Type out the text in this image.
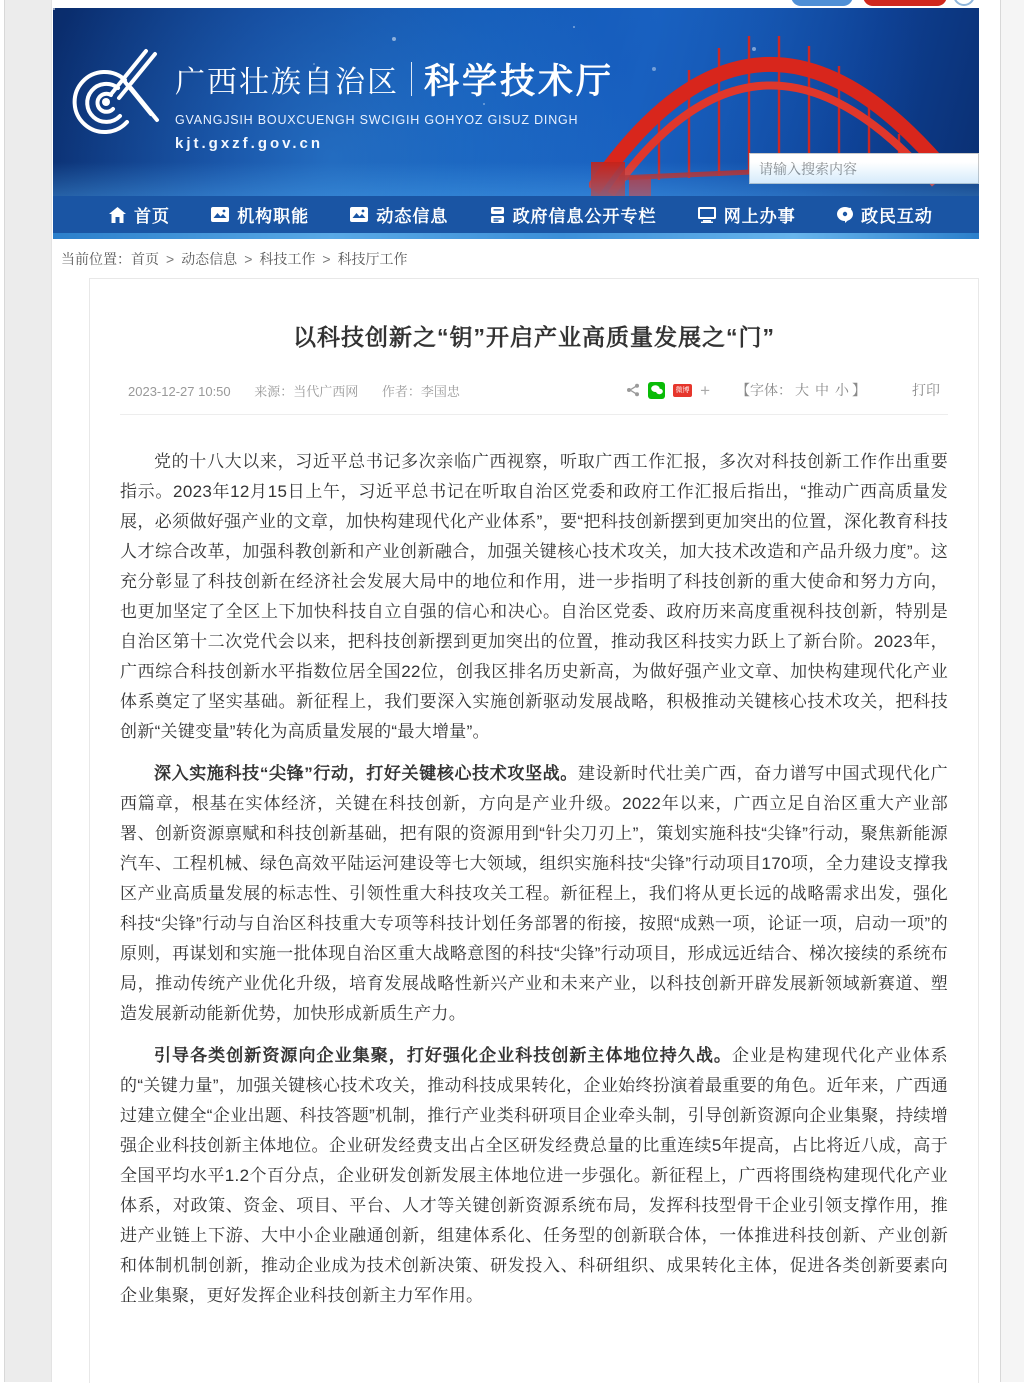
广西壮族自治区 科学技术厅
GVANGJSIH BOUXCUENGH SWCIGIH GOHYOZ GISUZ DINGH
kjt.gxzf.gov.cn
请输入搜索内容
首页	机构职能	动态信息	政府信息公开专栏	网上办事	政民互动
当前位置： 首页 > 动态信息 > 科技工作 > 科技厅工作
以科技创新之“钥”开启产业高质量发展之“门”
2023-12-27 10:50 来源：当代广西网 作者：李国忠	微博 + 【字体： 大 中 小 】	打印

党的十八大以来，习近平总书记多次亲临广西视察，听取广西工作汇报，多次对科技创新工作作出重要指示。2023年12月15日上午，习近平总书记在听取自治区党委和政府工作汇报后指出，“推动广西高质量发展，必须做好强产业的文章，加快构建现代化产业体系”，要“把科技创新摆到更加突出的位置，深化教育科技人才综合改革，加强科教创新和产业创新融合，加强关键核心技术攻关，加大技术改造和产品升级力度”。这充分彰显了科技创新在经济社会发展大局中的地位和作用，进一步指明了科技创新的重大使命和努力方向，也更加坚定了全区上下加快科技自立自强的信心和决心。自治区党委、政府历来高度重视科技创新，特别是自治区第十二次党代会以来，把科技创新摆到更加突出的位置，推动我区科技实力跃上了新台阶。2023年，广西综合科技创新水平指数位居全国22位，创我区排名历史新高，为做好强产业文章、加快构建现代化产业体系奠定了坚实基础。新征程上，我们要深入实施创新驱动发展战略，积极推动关键核心技术攻关，把科技创新“关键变量”转化为高质量发展的“最大增量”。

深入实施科技“尖锋”行动，打好关键核心技术攻坚战。建设新时代壮美广西，奋力谱写中国式现代化广西篇章，根基在实体经济，关键在科技创新，方向是产业升级。2022年以来，广西立足自治区重大产业部署、创新资源禀赋和科技创新基础，把有限的资源用到“针尖刀刃上”，策划实施科技“尖锋”行动，聚焦新能源汽车、工程机械、绿色高效平陆运河建设等七大领域，组织实施科技“尖锋”行动项目170项，全力建设支撑我区产业高质量发展的标志性、引领性重大科技攻关工程。新征程上，我们将从更长远的战略需求出发，强化科技“尖锋”行动与自治区科技重大专项等科技计划任务部署的衔接，按照“成熟一项，论证一项，启动一项”的原则，再谋划和实施一批体现自治区重大战略意图的科技“尖锋”行动项目，形成远近结合、梯次接续的系统布局，推动传统产业优化升级，培育发展战略性新兴产业和未来产业，以科技创新开辟发展新领域新赛道、塑造发展新动能新优势，加快形成新质生产力。

引导各类创新资源向企业集聚，打好强化企业科技创新主体地位持久战。企业是构建现代化产业体系的“关键力量”，加强关键核心技术攻关，推动科技成果转化，企业始终扮演着最重要的角色。近年来，广西通过建立健全“企业出题、科技答题”机制，推行产业类科研项目企业牵头制，引导创新资源向企业集聚，持续增强企业科技创新主体地位。企业研发经费支出占全区研发经费总量的比重连续5年提高，占比将近八成，高于全国平均水平1.2个百分点，企业研发创新发展主体地位进一步强化。新征程上，广西将围绕构建现代化产业体系，对政策、资金、项目、平台、人才等关键创新资源系统布局，发挥科技型骨干企业引领支撑作用，推进产业链上下游、大中小企业融通创新，组建体系化、任务型的创新联合体，一体推进科技创新、产业创新和体制机制创新，推动企业成为技术创新决策、研发投入、科研组织、成果转化主体，促进各类创新要素向企业集聚，更好发挥企业科技创新主力军作用。
